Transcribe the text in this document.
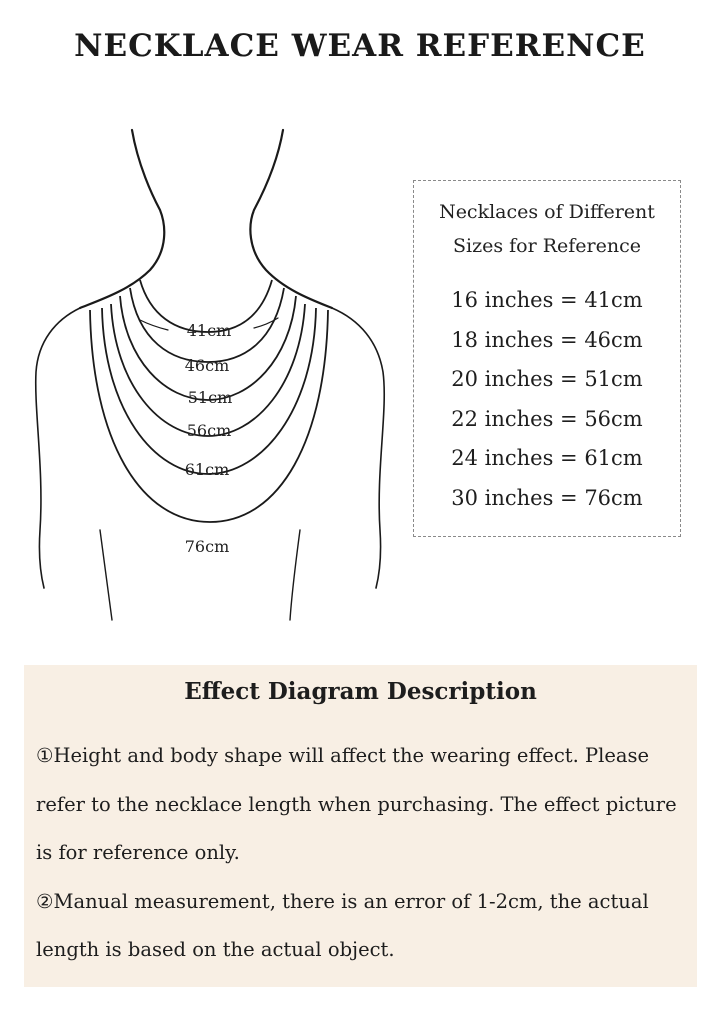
NECKLACE WEAR REFERENCE
41cm
46cm
51cm
56cm
61cm
76cm
Necklaces of Different
Sizes for Reference
16 inches = 41cm
18 inches = 46cm
20 inches = 51cm
22 inches = 56cm
24 inches = 61cm
30 inches = 76cm
Effect Diagram Description

①Height and body shape will affect the wearing effect. Please refer to the necklace length when purchasing. The effect picture is for reference only.

②Manual measurement, there is an error of 1-2cm, the actual length is based on the actual object.
